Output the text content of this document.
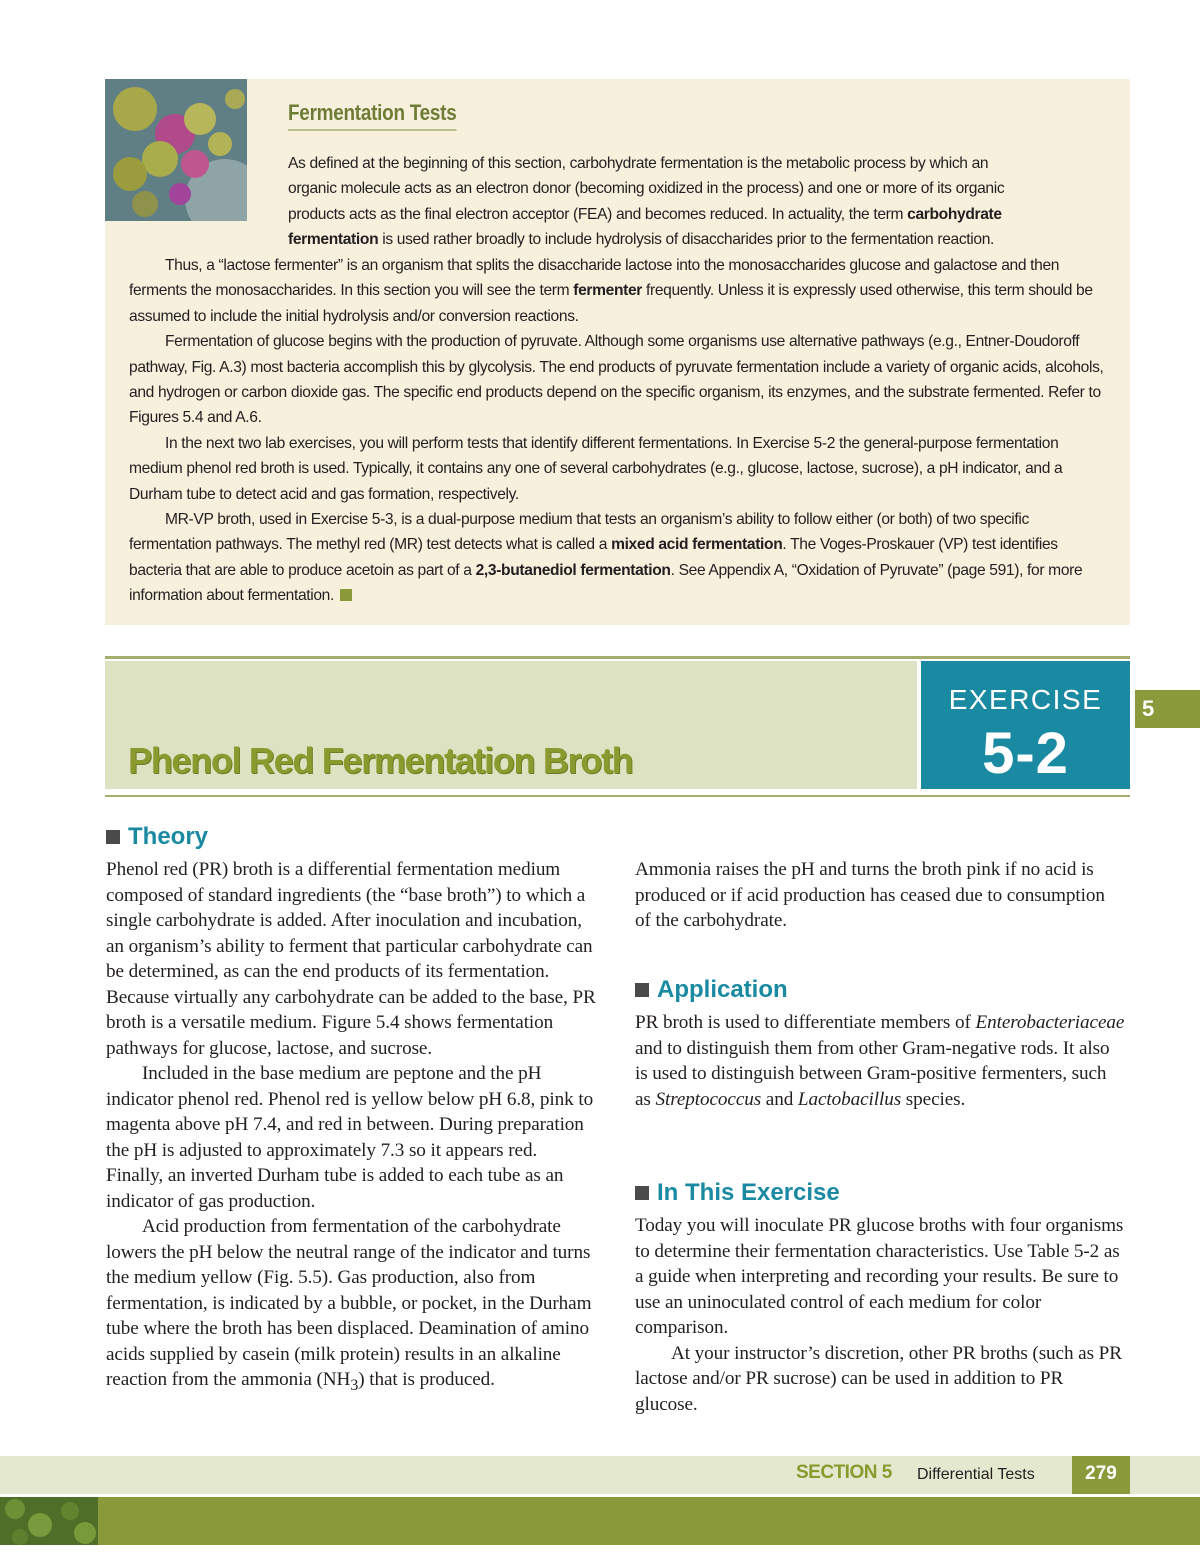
Fermentation Tests
As defined at the beginning of this section, carbohydrate fermentation is the metabolic process by which an
organic molecule acts as an electron donor (becoming oxidized in the process) and one or more of its organic
products acts as the final electron acceptor (FEA) and becomes reduced. In actuality, the term carbohydrate
fermentation is used rather broadly to include hydrolysis of disaccharides prior to the fermentation reaction.
Thus, a “lactose fermenter” is an organism that splits the disaccharide lactose into the monosaccharides glucose and galactose and then ferments the monosaccharides. In this section you will see the term fermenter frequently. Unless it is expressly used otherwise, this term should be assumed to include the initial hydrolysis and/or conversion reactions.
Fermentation of glucose begins with the production of pyruvate. Although some organisms use alternative pathways (e.g., Entner-Doudoroff pathway, Fig. A.3) most bacteria accomplish this by glycolysis. The end products of pyruvate fermentation include a variety of organic acids, alcohols, and hydrogen or carbon dioxide gas. The specific end products depend on the specific organism, its enzymes, and the substrate fermented. Refer to Figures 5.4 and A.6.
In the next two lab exercises, you will perform tests that identify different fermentations. In Exercise 5-2 the general-purpose fermentation medium phenol red broth is used. Typically, it contains any one of several carbohydrates (e.g., glucose, lactose, sucrose), a pH indicator, and a Durham tube to detect acid and gas formation, respectively.
MR-VP broth, used in Exercise 5-3, is a dual-purpose medium that tests an organism’s ability to follow either (or both) of two specific fermentation pathways. The methyl red (MR) test detects what is called a mixed acid fermentation. The Voges-Proskauer (VP) test identifies bacteria that are able to produce acetoin as part of a 2,3-butanediol fermentation. See Appendix A, “Oxidation of Pyruvate” (page 591), for more information about fermentation.
Phenol Red Fermentation Broth
EXERCISE
5-2
5
Theory
Phenol red (PR) broth is a differential fermentation medium composed of standard ingredients (the “base broth”) to which a single carbohydrate is added. After inoculation and incubation, an organism’s ability to ferment that particular carbohydrate can be determined, as can the end products of its fermentation. Because virtually any carbohydrate can be added to the base, PR broth is a versatile medium. Figure 5.4 shows fermentation pathways for glucose, lactose, and sucrose.
Included in the base medium are peptone and the pH indicator phenol red. Phenol red is yellow below pH 6.8, pink to magenta above pH 7.4, and red in between. During preparation the pH is adjusted to approximately 7.3 so it appears red. Finally, an inverted Durham tube is added to each tube as an indicator of gas production.
Acid production from fermentation of the carbohydrate lowers the pH below the neutral range of the indicator and turns the medium yellow (Fig. 5.5). Gas production, also from fermentation, is indicated by a bubble, or pocket, in the Durham tube where the broth has been displaced. Deamination of amino acids supplied by casein (milk protein) results in an alkaline reaction from the ammonia $(NH_3)$ that is produced.
Ammonia raises the pH and turns the broth pink if no acid is produced or if acid production has ceased due to consumption of the carbohydrate.
Application
PR broth is used to differentiate members of Enterobacteriaceae and to distinguish them from other Gram-negative rods. It also is used to distinguish between Gram-positive fermenters, such as Streptococcus and Lactobacillus species.
In This Exercise
Today you will inoculate PR glucose broths with four organisms to determine their fermentation characteristics. Use Table 5-2 as a guide when interpreting and recording your results. Be sure to use an uninoculated control of each medium for color comparison.
At your instructor’s discretion, other PR broths (such as PR lactose and/or PR sucrose) can be used in addition to PR glucose.
SECTION 5 Differential Tests	279
